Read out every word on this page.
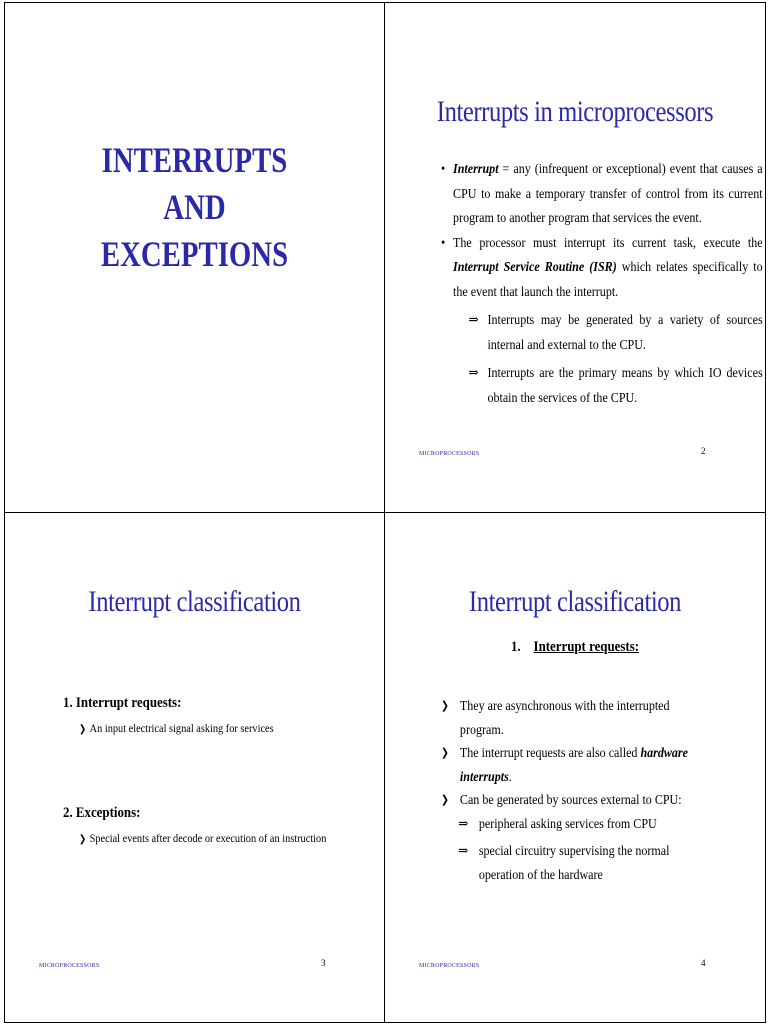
INTERRUPTS
AND
EXCEPTIONS
Interrupts in microprocessors
• Interrupt = any (infrequent or exceptional) event that causes a CPU to make a temporary transfer of control from its current program to another program that services the event.
• The processor must interrupt its current task, execute the Interrupt Service Routine (ISR) which relates specifically to the event that launch the interrupt.
⇒ Interrupts may be generated by a variety of sources internal and external to the CPU.
⇒ Interrupts are the primary means by which IO devices obtain the services of the CPU.
MICROPROCESSORS	2
Interrupt classification
1. Interrupt requests:
❯ An input electrical signal asking for services
2. Exceptions:
❯ Special events after decode or execution of an instruction
MICROPROCESSORS	3
Interrupt classification
1. Interrupt requests:
❯ They are asynchronous with the interrupted program.
❯ The interrupt requests are also called hardware interrupts.
❯ Can be generated by sources external to CPU:
⇒ peripheral asking services from CPU
⇒ special circuitry supervising the normal operation of the hardware
MICROPROCESSORS	4
